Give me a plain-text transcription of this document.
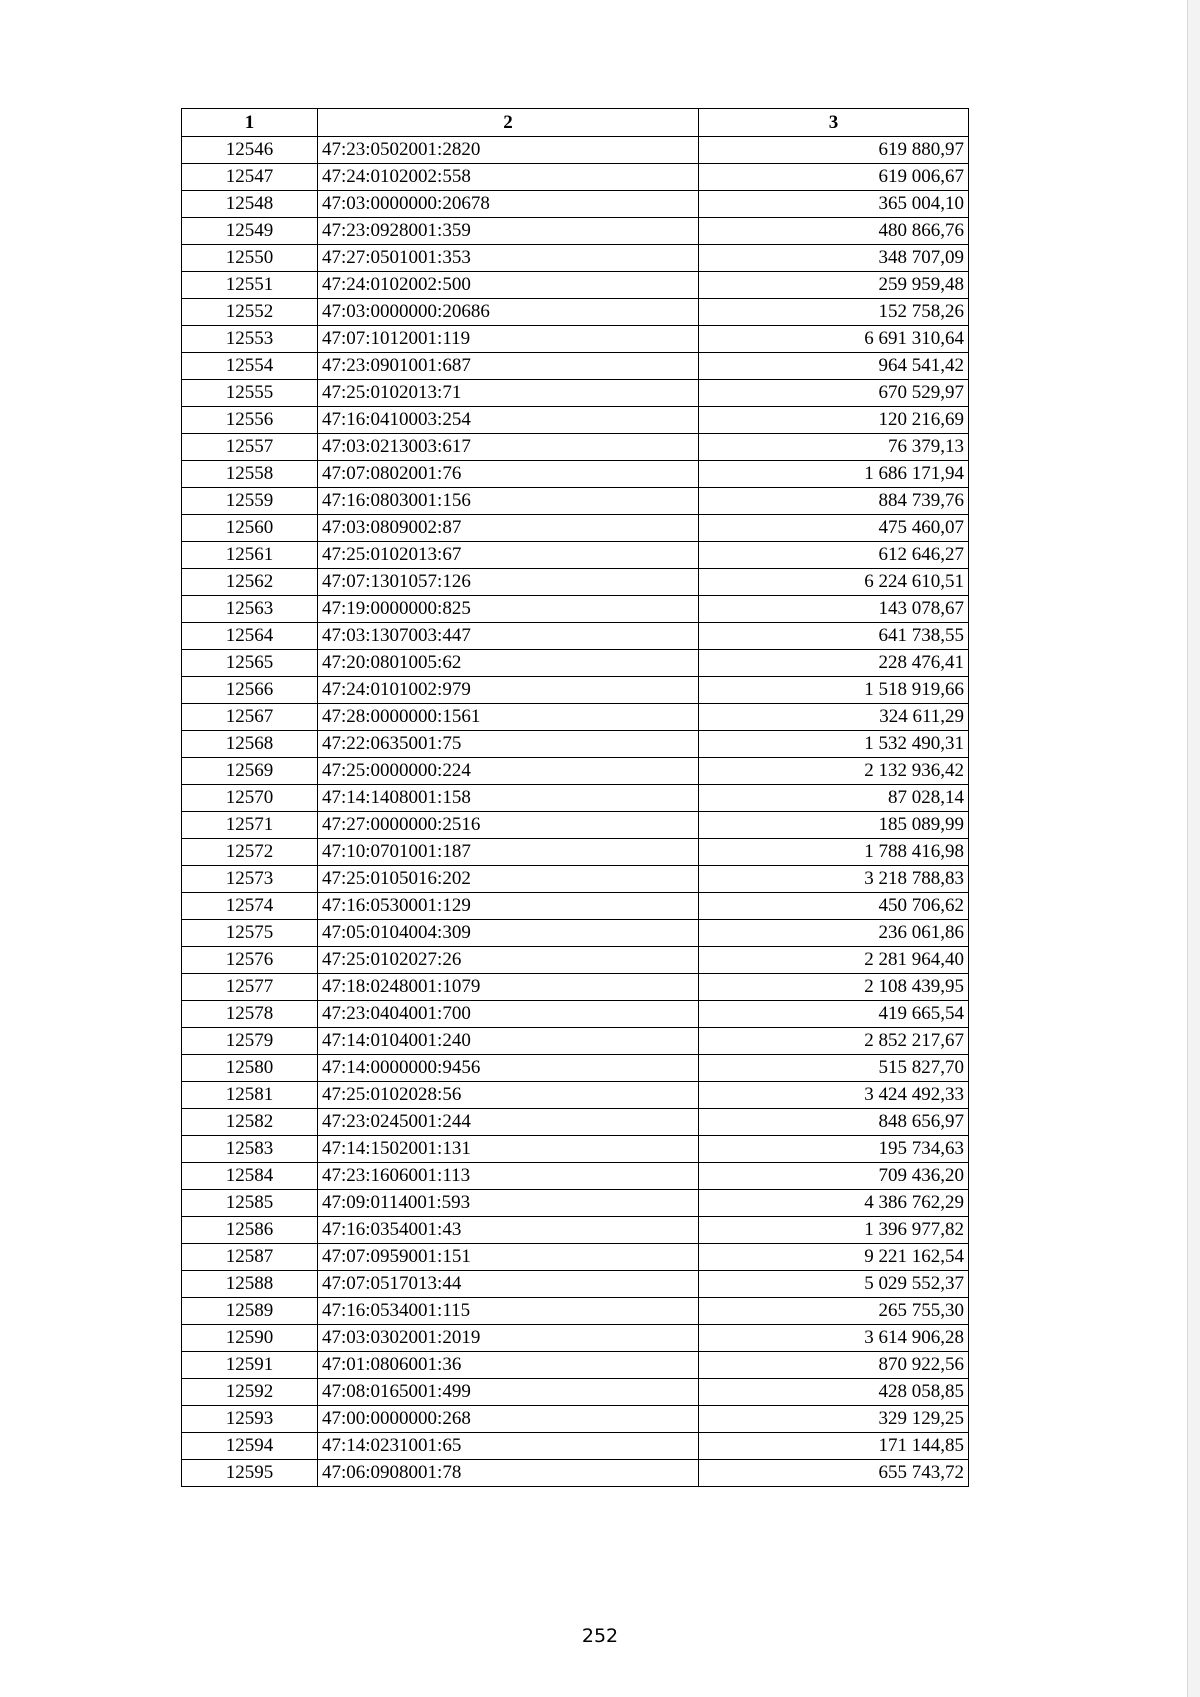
1	2	3
12546	47:23:0502001:2820	619 880,97
12547	47:24:0102002:558	619 006,67
12548	47:03:0000000:20678	365 004,10
12549	47:23:0928001:359	480 866,76
12550	47:27:0501001:353	348 707,09
12551	47:24:0102002:500	259 959,48
12552	47:03:0000000:20686	152 758,26
12553	47:07:1012001:119	6 691 310,64
12554	47:23:0901001:687	964 541,42
12555	47:25:0102013:71	670 529,97
12556	47:16:0410003:254	120 216,69
12557	47:03:0213003:617	76 379,13
12558	47:07:0802001:76	1 686 171,94
12559	47:16:0803001:156	884 739,76
12560	47:03:0809002:87	475 460,07
12561	47:25:0102013:67	612 646,27
12562	47:07:1301057:126	6 224 610,51
12563	47:19:0000000:825	143 078,67
12564	47:03:1307003:447	641 738,55
12565	47:20:0801005:62	228 476,41
12566	47:24:0101002:979	1 518 919,66
12567	47:28:0000000:1561	324 611,29
12568	47:22:0635001:75	1 532 490,31
12569	47:25:0000000:224	2 132 936,42
12570	47:14:1408001:158	87 028,14
12571	47:27:0000000:2516	185 089,99
12572	47:10:0701001:187	1 788 416,98
12573	47:25:0105016:202	3 218 788,83
12574	47:16:0530001:129	450 706,62
12575	47:05:0104004:309	236 061,86
12576	47:25:0102027:26	2 281 964,40
12577	47:18:0248001:1079	2 108 439,95
12578	47:23:0404001:700	419 665,54
12579	47:14:0104001:240	2 852 217,67
12580	47:14:0000000:9456	515 827,70
12581	47:25:0102028:56	3 424 492,33
12582	47:23:0245001:244	848 656,97
12583	47:14:1502001:131	195 734,63
12584	47:23:1606001:113	709 436,20
12585	47:09:0114001:593	4 386 762,29
12586	47:16:0354001:43	1 396 977,82
12587	47:07:0959001:151	9 221 162,54
12588	47:07:0517013:44	5 029 552,37
12589	47:16:0534001:115	265 755,30
12590	47:03:0302001:2019	3 614 906,28
12591	47:01:0806001:36	870 922,56
12592	47:08:0165001:499	428 058,85
12593	47:00:0000000:268	329 129,25
12594	47:14:0231001:65	171 144,85
12595	47:06:0908001:78	655 743,72
252
